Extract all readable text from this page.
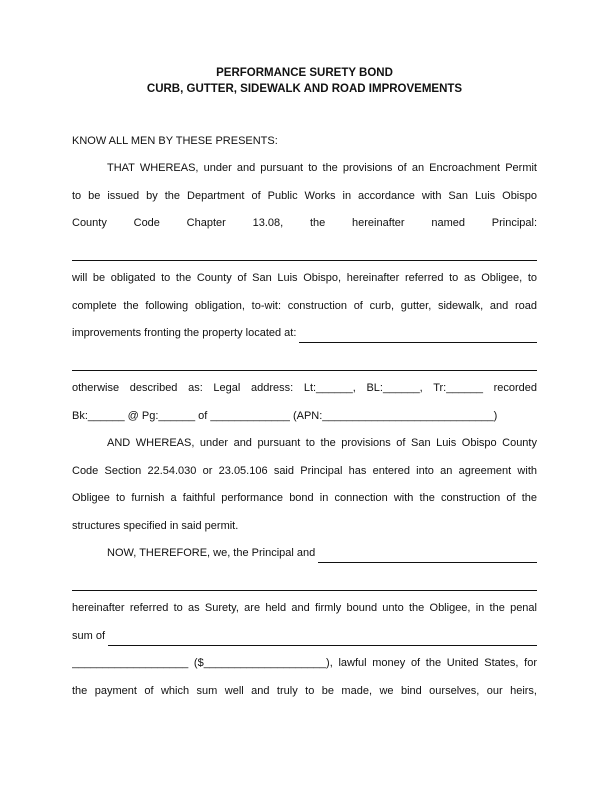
PERFORMANCE SURETY BOND
CURB, GUTTER, SIDEWALK AND ROAD IMPROVEMENTS
KNOW ALL MEN BY THESE PRESENTS:
THAT WHEREAS, under and pursuant to the provisions of an Encroachment Permit
to be issued by the Department of Public Works in accordance with San Luis Obispo
County Code Chapter 13.08, the hereinafter named Principal:
will be obligated to the County of San Luis Obispo, hereinafter referred to as Obligee, to
complete the following obligation, to-wit: construction of curb, gutter, sidewalk, and road
improvements fronting the property located at:
otherwise described as: Legal address: Lt:______, BL:______, Tr:______ recorded
Bk:______ @ Pg:______ of _____________ (APN:____________________________)
AND WHEREAS, under and pursuant to the provisions of San Luis Obispo County
Code Section 22.54.030 or 23.05.106 said Principal has entered into an agreement with
Obligee to furnish a faithful performance bond in connection with the construction of the
structures specified in said permit.
NOW, THEREFORE, we, the Principal and
hereinafter referred to as Surety, are held and firmly bound unto the Obligee, in the penal
sum of
___________________ ($____________________), lawful money of the United States, for
the payment of which sum well and truly to be made, we bind ourselves, our heirs,
